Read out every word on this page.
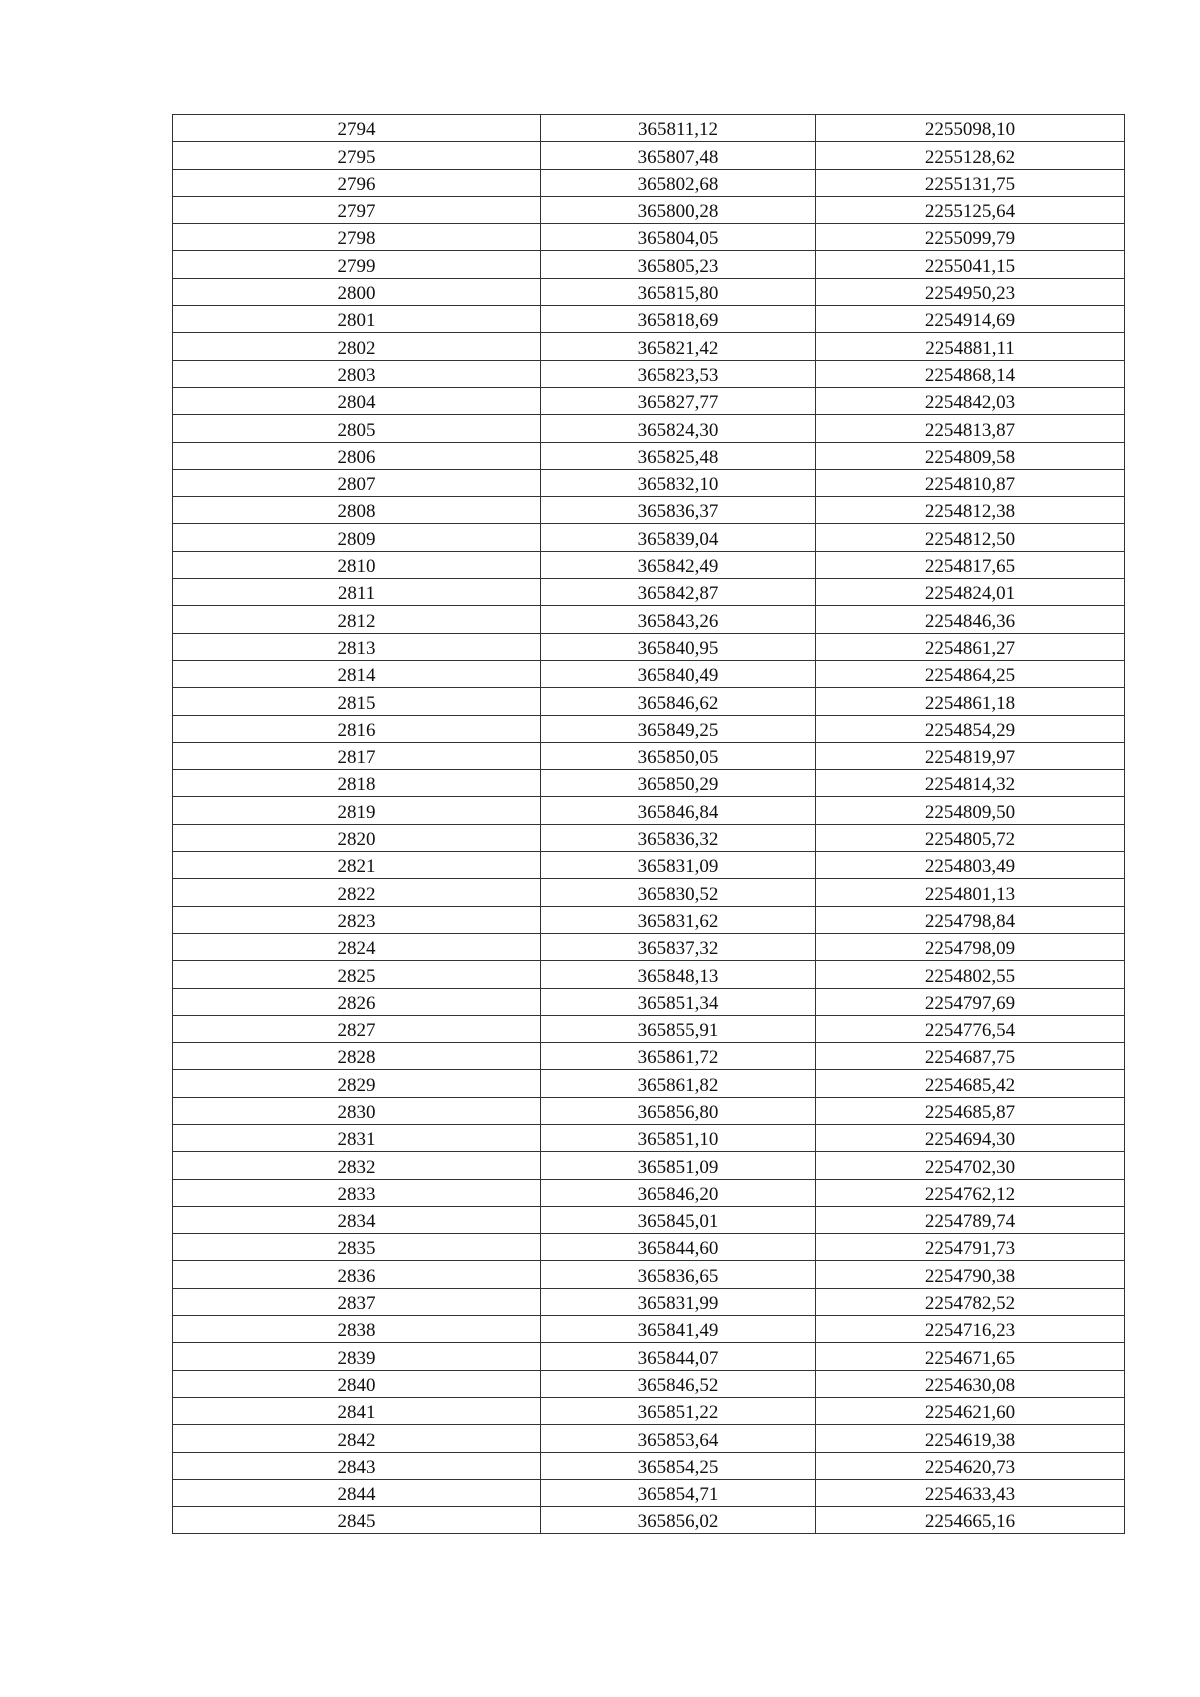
2794	365811,12	2255098,10
2795	365807,48	2255128,62
2796	365802,68	2255131,75
2797	365800,28	2255125,64
2798	365804,05	2255099,79
2799	365805,23	2255041,15
2800	365815,80	2254950,23
2801	365818,69	2254914,69
2802	365821,42	2254881,11
2803	365823,53	2254868,14
2804	365827,77	2254842,03
2805	365824,30	2254813,87
2806	365825,48	2254809,58
2807	365832,10	2254810,87
2808	365836,37	2254812,38
2809	365839,04	2254812,50
2810	365842,49	2254817,65
2811	365842,87	2254824,01
2812	365843,26	2254846,36
2813	365840,95	2254861,27
2814	365840,49	2254864,25
2815	365846,62	2254861,18
2816	365849,25	2254854,29
2817	365850,05	2254819,97
2818	365850,29	2254814,32
2819	365846,84	2254809,50
2820	365836,32	2254805,72
2821	365831,09	2254803,49
2822	365830,52	2254801,13
2823	365831,62	2254798,84
2824	365837,32	2254798,09
2825	365848,13	2254802,55
2826	365851,34	2254797,69
2827	365855,91	2254776,54
2828	365861,72	2254687,75
2829	365861,82	2254685,42
2830	365856,80	2254685,87
2831	365851,10	2254694,30
2832	365851,09	2254702,30
2833	365846,20	2254762,12
2834	365845,01	2254789,74
2835	365844,60	2254791,73
2836	365836,65	2254790,38
2837	365831,99	2254782,52
2838	365841,49	2254716,23
2839	365844,07	2254671,65
2840	365846,52	2254630,08
2841	365851,22	2254621,60
2842	365853,64	2254619,38
2843	365854,25	2254620,73
2844	365854,71	2254633,43
2845	365856,02	2254665,16
